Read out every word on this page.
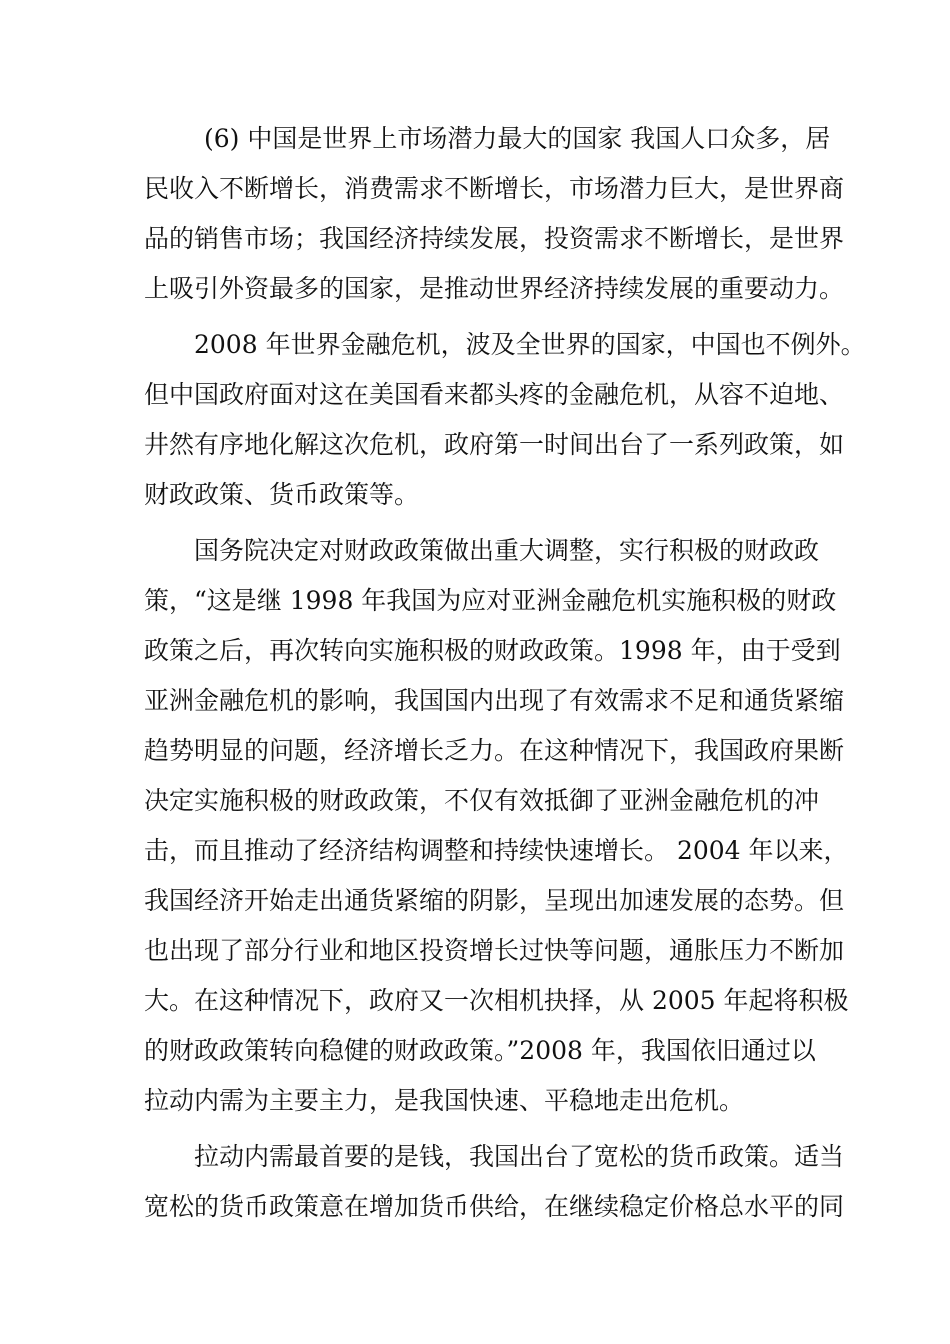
(6) 中国是世界上市场潜力最大的国家 我国人口众多，居
民收入不断增长，消费需求不断增长，市场潜力巨大，是世界商
品的销售市场；我国经济持续发展，投资需求不断增长，是世界
上吸引外资最多的国家，是推动世界经济持续发展的重要动力。
2008 年世界金融危机，波及全世界的国家，中国也不例外。
但中国政府面对这在美国看来都头疼的金融危机，从容不迫地、
井然有序地化解这次危机，政府第一时间出台了一系列政策，如
财政政策、货币政策等。
国务院决定对财政政策做出重大调整，实行积极的财政政
策，“这是继 1998 年我国为应对亚洲金融危机实施积极的财政
政策之后，再次转向实施积极的财政政策。1998 年，由于受到
亚洲金融危机的影响，我国国内出现了有效需求不足和通货紧缩
趋势明显的问题，经济增长乏力。在这种情况下，我国政府果断
决定实施积极的财政政策，不仅有效抵御了亚洲金融危机的冲
击，而且推动了经济结构调整和持续快速增长。 2004 年以来，
我国经济开始走出通货紧缩的阴影，呈现出加速发展的态势。但
也出现了部分行业和地区投资增长过快等问题，通胀压力不断加
大。在这种情况下，政府又一次相机抉择，从 2005 年起将积极
的财政政策转向稳健的财政政策。”2008 年，我国依旧通过以
拉动内需为主要主力，是我国快速、平稳地走出危机。
拉动内需最首要的是钱，我国出台了宽松的货币政策。适当
宽松的货币政策意在增加货币供给，在继续稳定价格总水平的同
